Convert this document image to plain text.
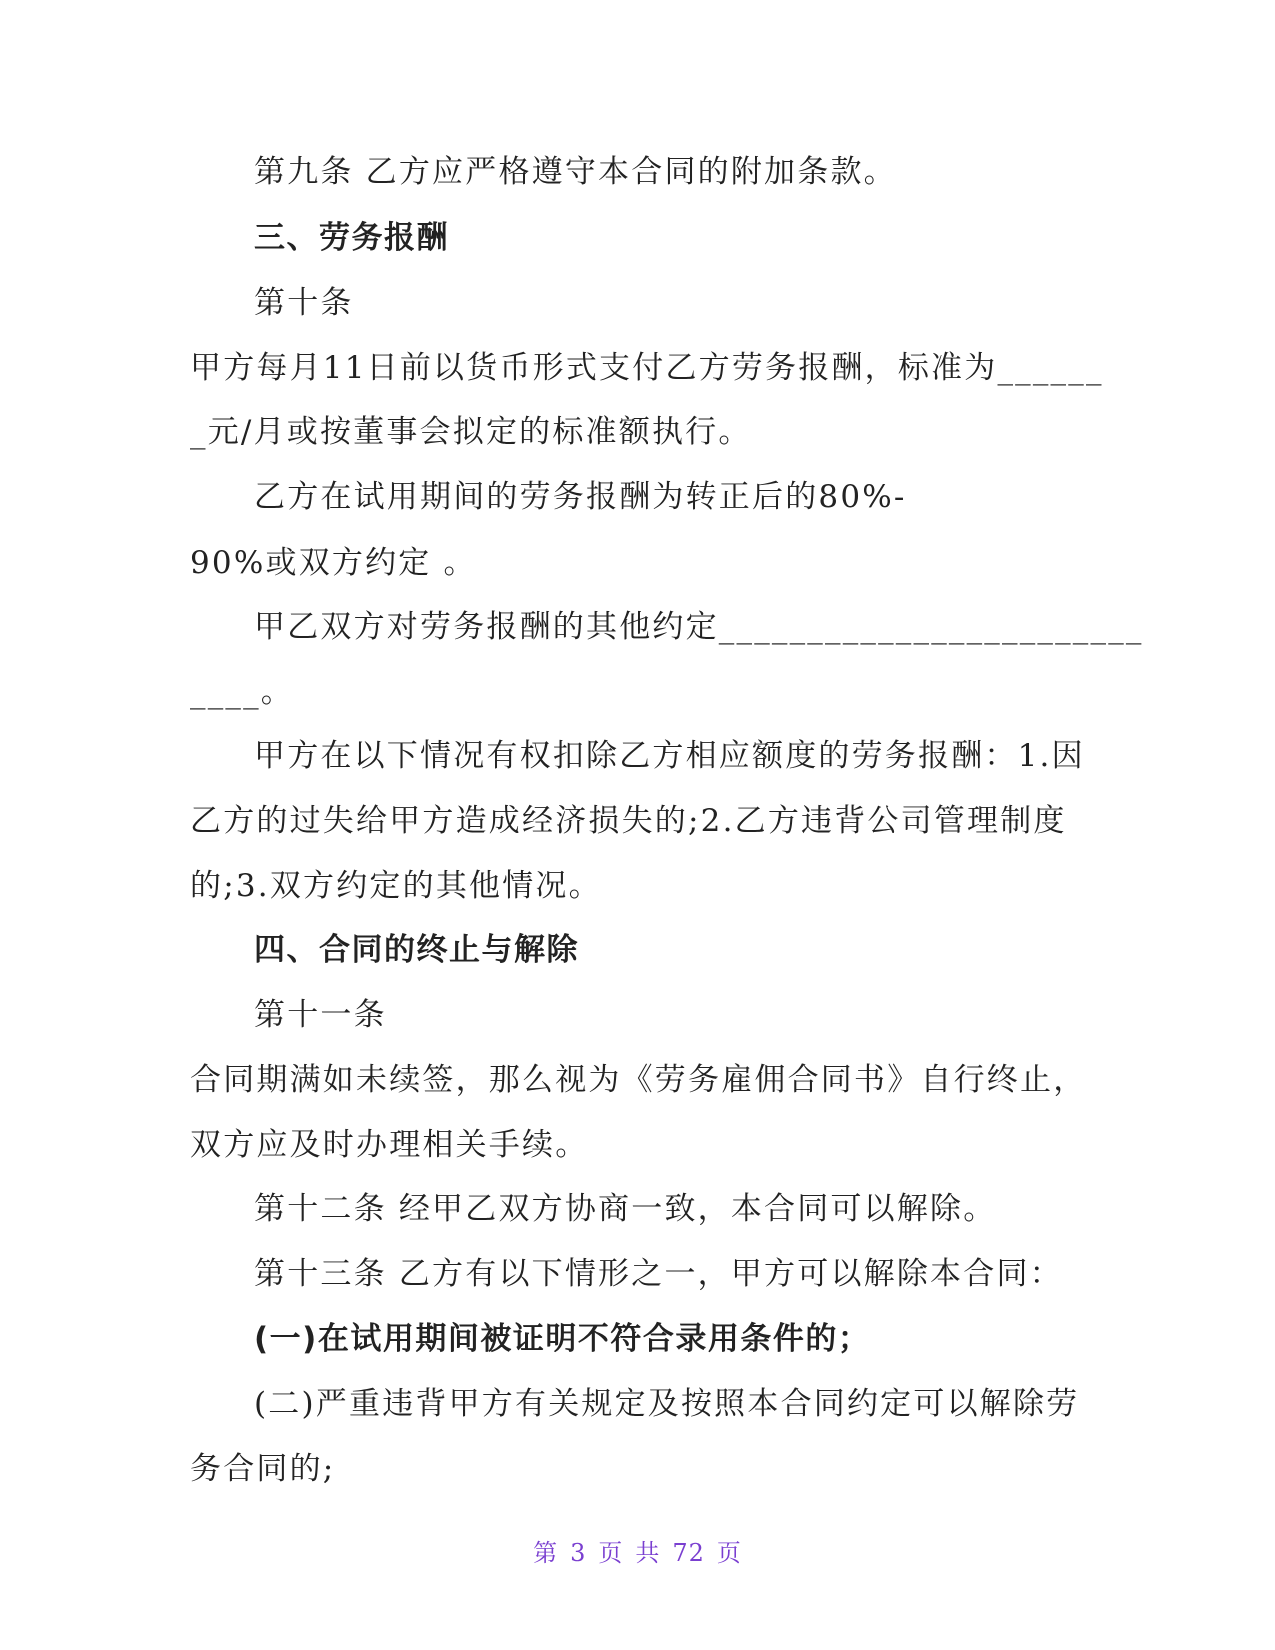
第九条 乙方应严格遵守本合同的附加条款。
三、劳务报酬
第十条
甲方每月11日前以货币形式支付乙方劳务报酬，标准为______
_元/月或按董事会拟定的标准额执行。
乙方在试用期间的劳务报酬为转正后的80%-
90%或双方约定 。
甲乙双方对劳务报酬的其他约定________________________
____。
甲方在以下情况有权扣除乙方相应额度的劳务报酬：1.因
乙方的过失给甲方造成经济损失的;2.乙方违背公司管理制度
的;3.双方约定的其他情况。
四、合同的终止与解除
第十一条
合同期满如未续签，那么视为《劳务雇佣合同书》自行终止，
双方应及时办理相关手续。
第十二条 经甲乙双方协商一致，本合同可以解除。
第十三条 乙方有以下情形之一，甲方可以解除本合同：
(一)在试用期间被证明不符合录用条件的；
(二)严重违背甲方有关规定及按照本合同约定可以解除劳
务合同的;
第 3 页 共 72 页
